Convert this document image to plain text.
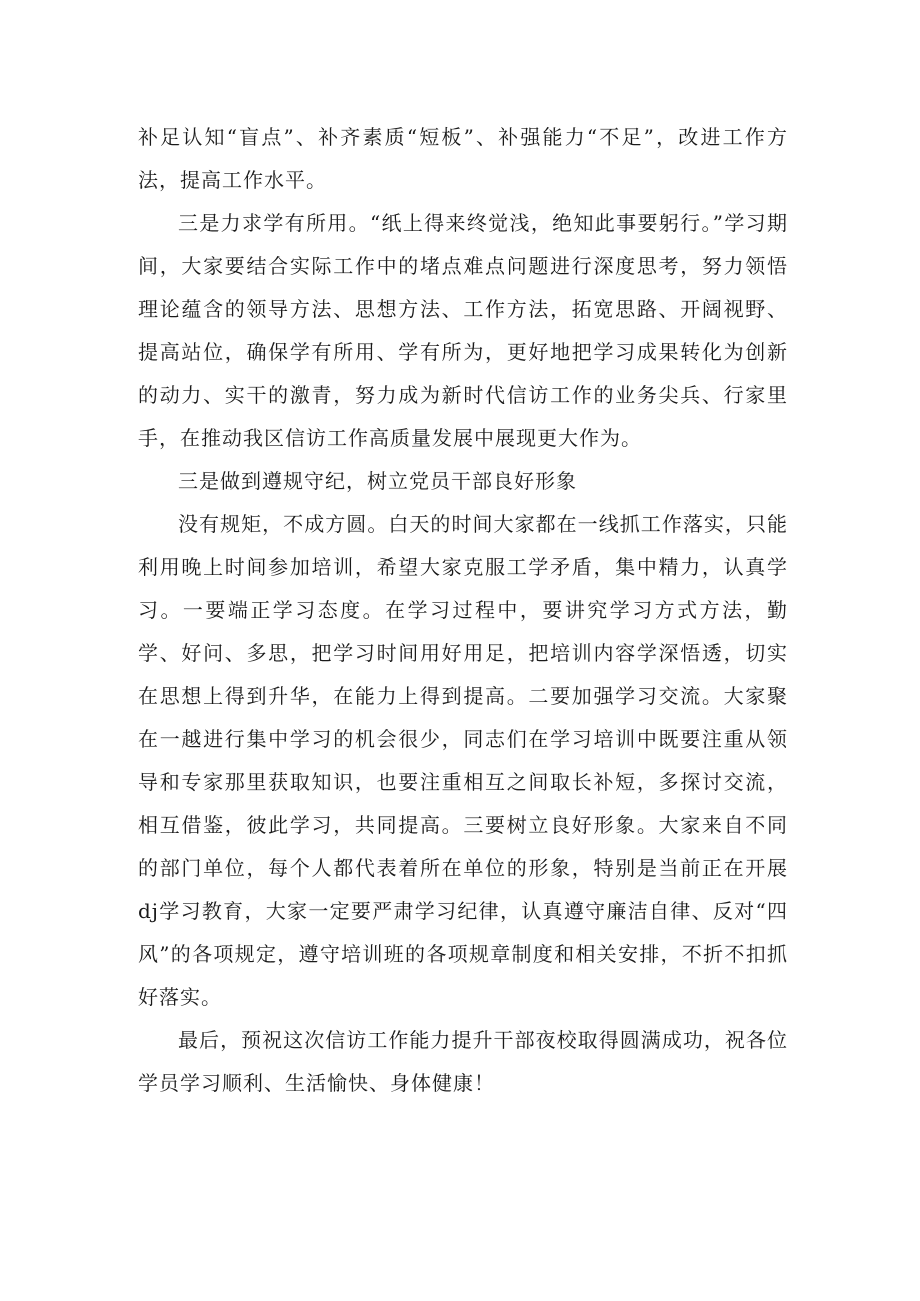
补足认知“盲点”、补齐素质“短板”、补强能力“不足”，改进工作方法，提高工作水平。

三是力求学有所用。“纸上得来终觉浅，绝知此事要躬行。”学习期间，大家要结合实际工作中的堵点难点问题进行深度思考，努力领悟理论蕴含的领导方法、思想方法、工作方法，拓宽思路、开阔视野、提高站位，确保学有所用、学有所为，更好地把学习成果转化为创新的动力、实干的激青，努力成为新时代信访工作的业务尖兵、行家里手，在推动我区信访工作高质量发展中展现更大作为。

三是做到遵规守纪，树立党员干部良好形象

没有规矩，不成方圆。白天的时间大家都在一线抓工作落实，只能利用晚上时间参加培训，希望大家克服工学矛盾，集中精力，认真学习。一要端正学习态度。在学习过程中，要讲究学习方式方法，勤学、好问、多思，把学习时间用好用足，把培训内容学深悟透，切实在思想上得到升华，在能力上得到提高。二要加强学习交流。大家聚在一越进行集中学习的机会很少，同志们在学习培训中既要注重从领导和专家那里获取知识，也要注重相互之间取长补短，多探讨交流，相互借鉴，彼此学习，共同提高。三要树立良好形象。大家来自不同的部门单位，每个人都代表着所在单位的形象，特别是当前正在开展dj学习教育，大家一定要严肃学习纪律，认真遵守廉洁自律、反对“四风”的各项规定，遵守培训班的各项规章制度和相关安排，不折不扣抓好落实。

最后，预祝这次信访工作能力提升干部夜校取得圆满成功，祝各位学员学习顺利、生活愉快、身体健康！
